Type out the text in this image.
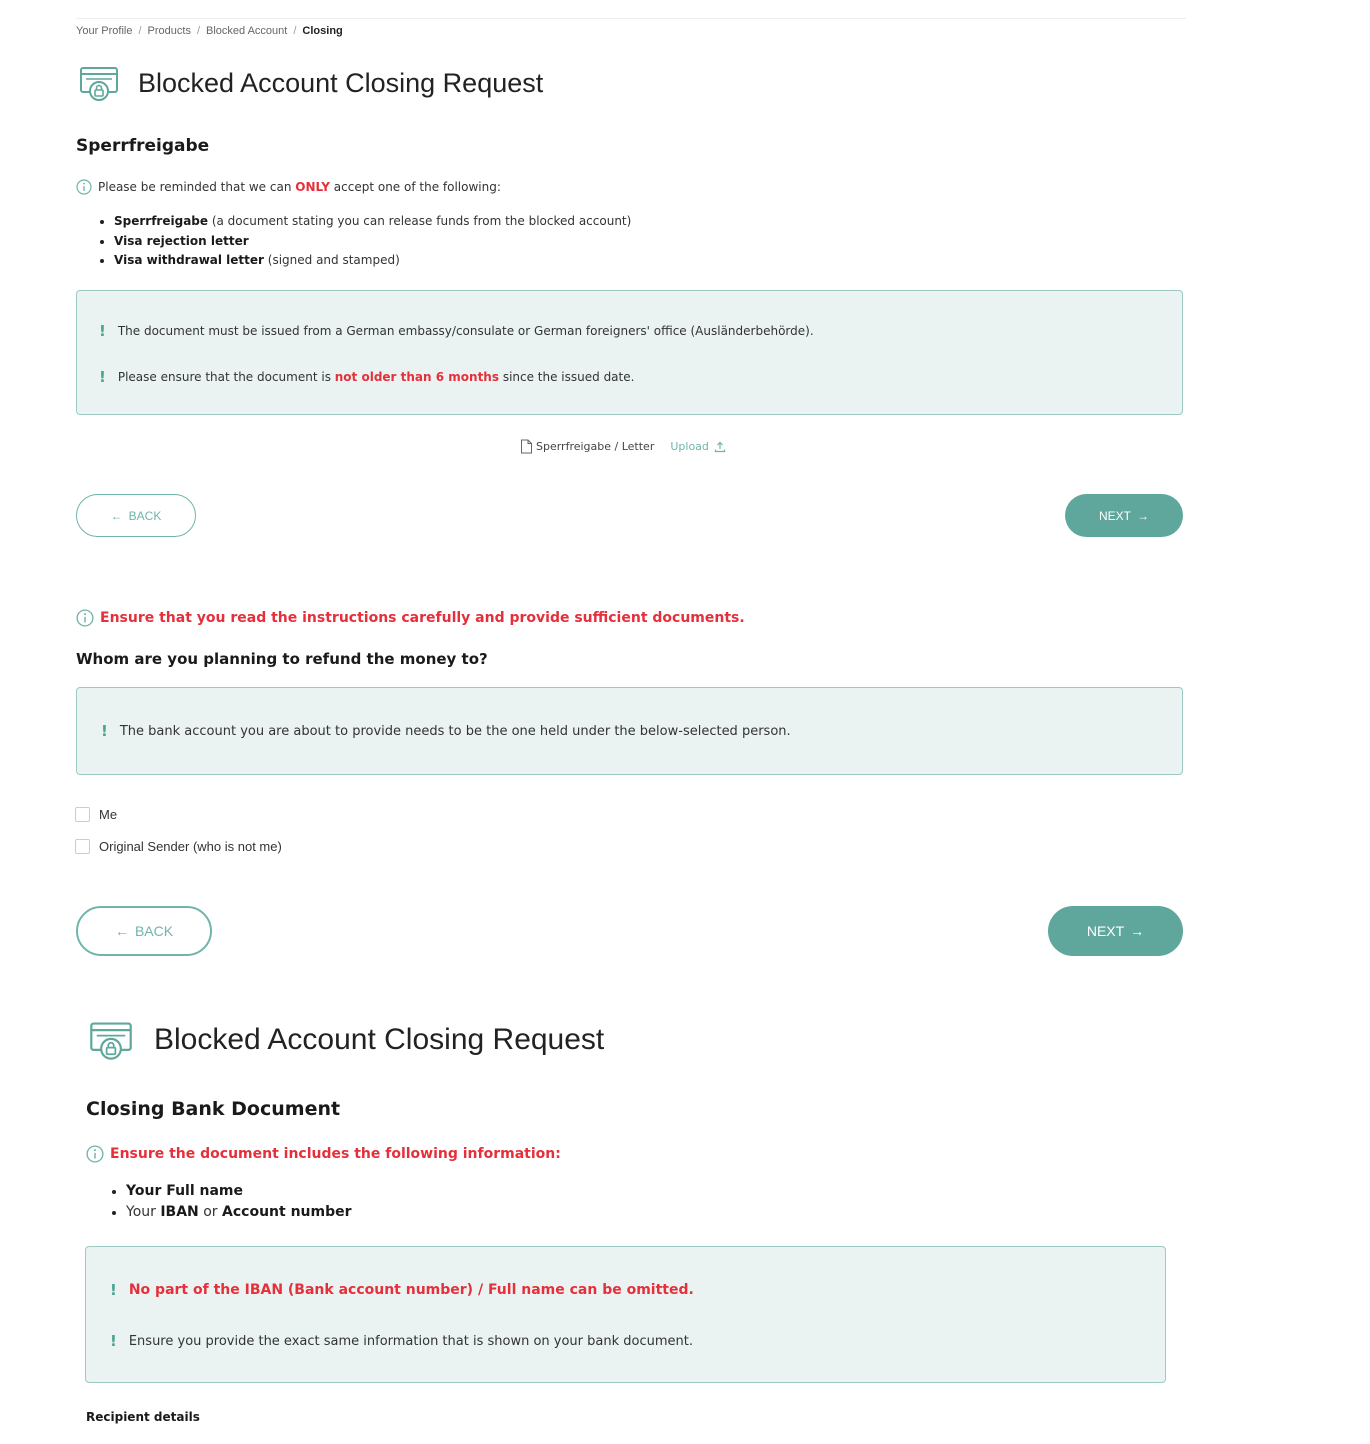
Your Profile / Products / Blocked Account / Closing
Blocked Account Closing Request
Sperrfreigabe
Please be reminded that we can ONLY accept one of the following:
Sperrfreigabe (a document stating you can release funds from the blocked account)
Visa rejection letter
Visa withdrawal letter (signed and stamped)
! The document must be issued from a German embassy/consulate or German foreigners' office (Ausländerbehörde).
! Please ensure that the document is not older than 6 months since the issued date.
Sperrfreigabe / Letter Upload
← BACK	NEXT →
Ensure that you read the instructions carefully and provide sufficient documents.
Whom are you planning to refund the money to?
! The bank account you are about to provide needs to be the one held under the below-selected person.
Me
Original Sender (who is not me)
← BACK	NEXT →
Blocked Account Closing Request
Closing Bank Document
Ensure the document includes the following information:
Your Full name
Your IBAN or Account number
! No part of the IBAN (Bank account number) / Full name can be omitted.
! Ensure you provide the exact same information that is shown on your bank document.
Recipient details
